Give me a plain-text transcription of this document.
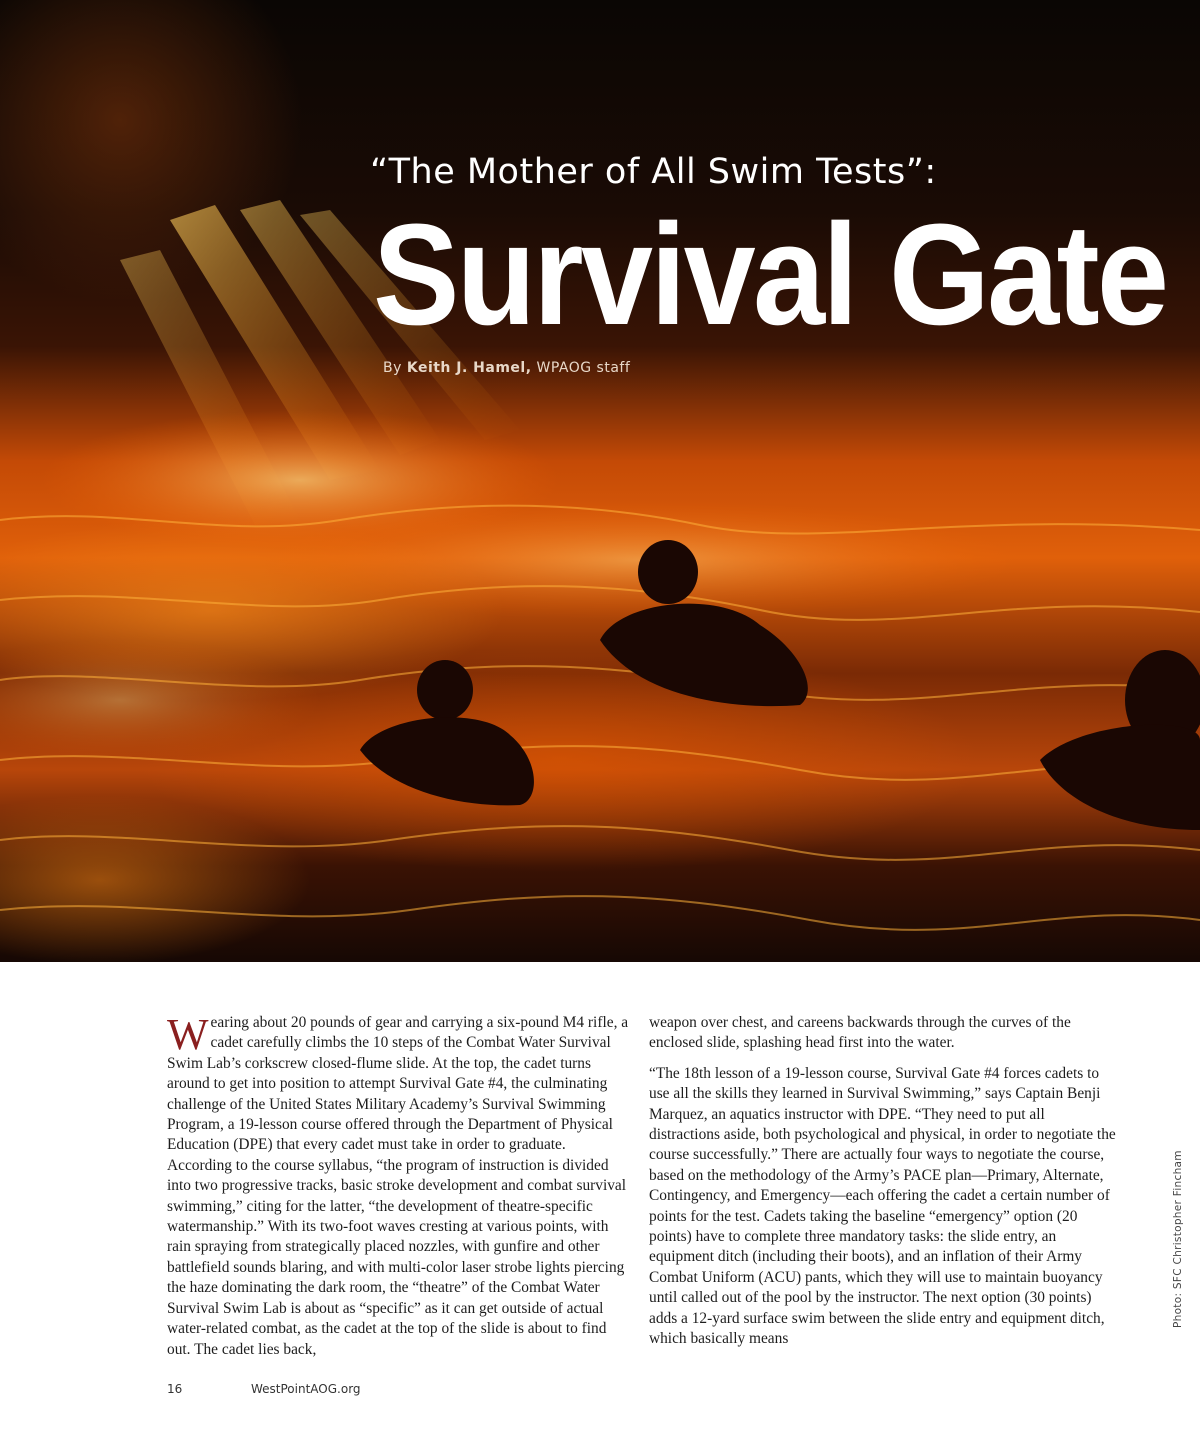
“The Mother of All Swim Tests”:
Survival Gate
By Keith J. Hamel, WPAOG staff

Wearing about 20 pounds of gear and carrying a six-pound M4 rifle, a cadet carefully climbs the 10 steps of the Combat Water Survival Swim Lab’s corkscrew closed-flume slide. At the top, the cadet turns around to get into position to attempt Survival Gate #4, the culminating challenge of the United States Military Academy’s Survival Swimming Program, a 19-lesson course offered through the Department of Physical Education (DPE) that every cadet must take in order to graduate. According to the course syllabus, “the program of instruction is divided into two progressive tracks, basic stroke development and combat survival swimming,” citing for the latter, “the development of theatre-specific watermanship.” With its two-foot waves cresting at various points, with rain spraying from strategically placed nozzles, with gunfire and other battlefield sounds blaring, and with multi-color laser strobe lights piercing the haze dominating the dark room, the “theatre” of the Combat Water Survival Swim Lab is about as “specific” as it can get outside of actual water-related combat, as the cadet at the top of the slide is about to find out. The cadet lies back,

weapon over chest, and careens backwards through the curves of the enclosed slide, splashing head first into the water.

“The 18th lesson of a 19-lesson course, Survival Gate #4 forces cadets to use all the skills they learned in Survival Swimming,” says Captain Benji Marquez, an aquatics instructor with DPE. “They need to put all distractions aside, both psychological and physical, in order to negotiate the course successfully.” There are actually four ways to negotiate the course, based on the methodology of the Army’s PACE plan—Primary, Alternate, Contingency, and Emergency—each offering the cadet a certain number of points for the test. Cadets taking the baseline “emergency” option (20 points) have to complete three mandatory tasks: the slide entry, an equipment ditch (including their boots), and an inflation of their Army Combat Uniform (ACU) pants, which they will use to maintain buoyancy until called out of the pool by the instructor. The next option (30 points) adds a 12-yard surface swim between the slide entry and equipment ditch, which basically means

Photo: SFC Christopher Fincham
16	WestPointAOG.org
